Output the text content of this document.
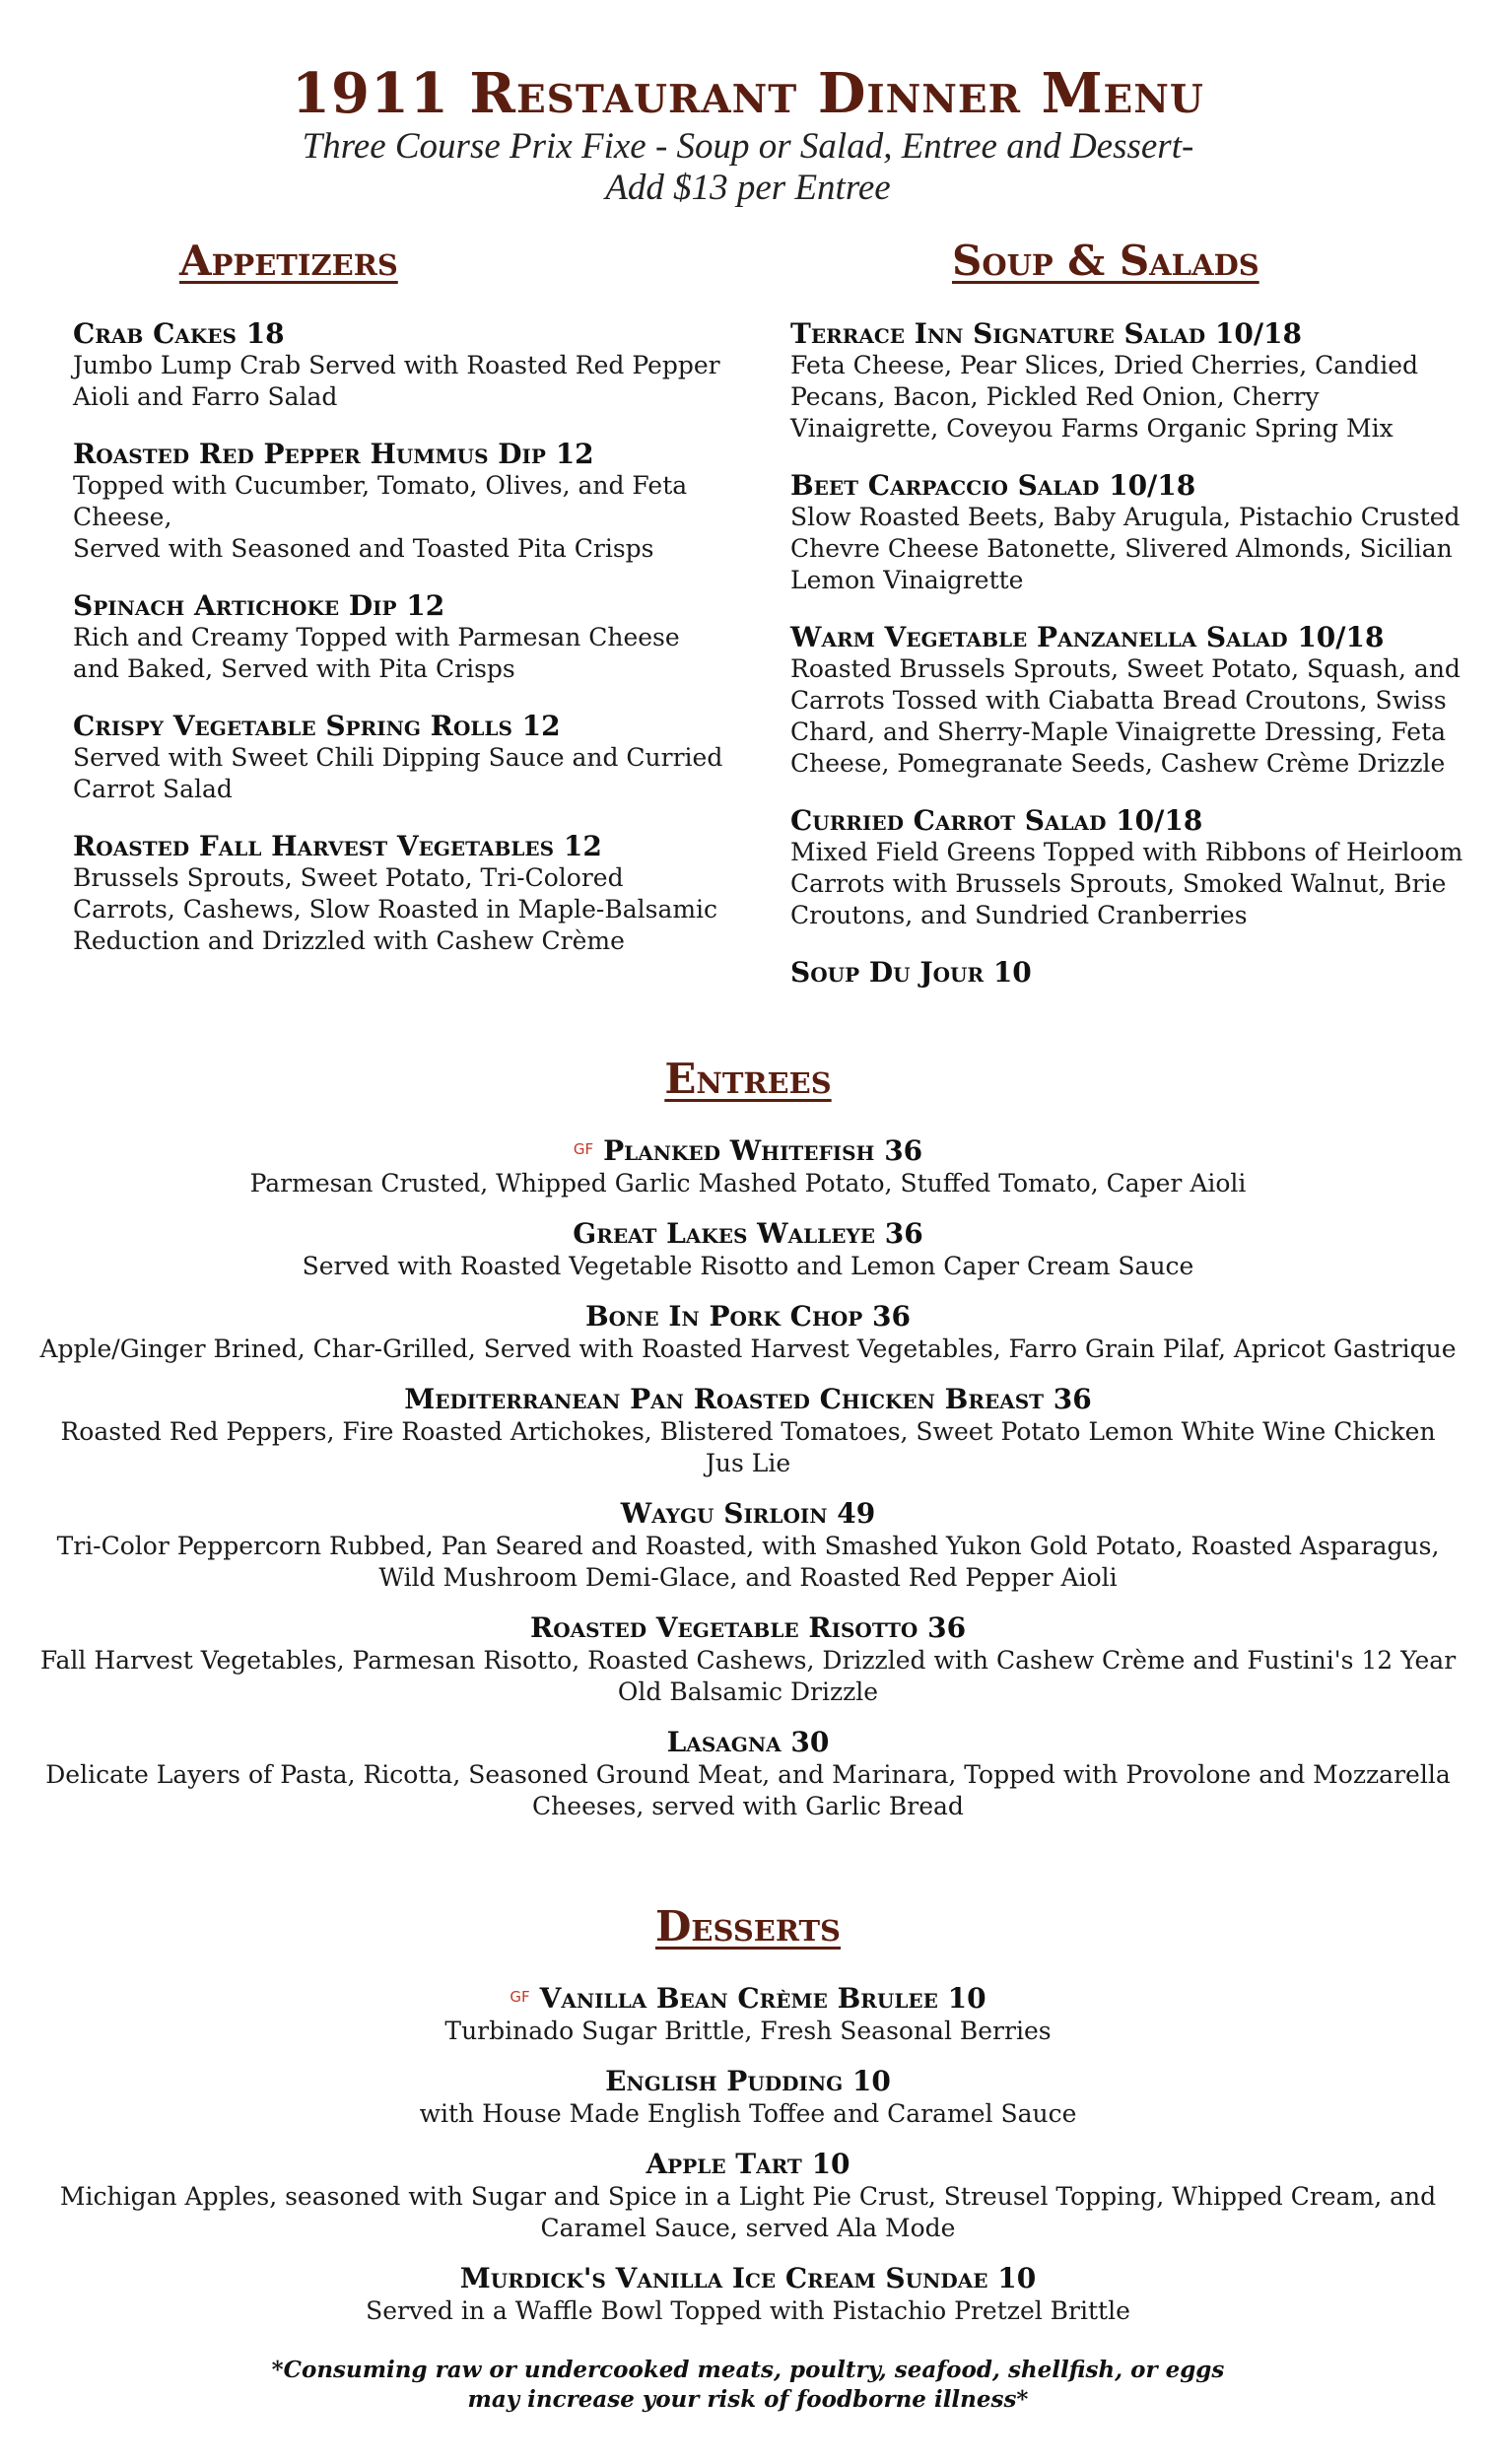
1911 Restaurant Dinner Menu

Three Course Prix Fixe - Soup or Salad, Entree and Dessert- Add $13 per Entree

Appetizers
Crab Cakes 18
Jumbo Lump Crab Served with Roasted Red Pepper Aioli and Farro Salad
Roasted Red Pepper Hummus Dip 12
Topped with Cucumber, Tomato, Olives, and Feta Cheese,
Served with Seasoned and Toasted Pita Crisps
Spinach Artichoke Dip 12
Rich and Creamy Topped with Parmesan Cheese and Baked, Served with Pita Crisps
Crispy Vegetable Spring Rolls 12
Served with Sweet Chili Dipping Sauce and Curried Carrot Salad
Roasted Fall Harvest Vegetables 12
Brussels Sprouts, Sweet Potato, Tri-Colored Carrots, Cashews, Slow Roasted in Maple-Balsamic Reduction and Drizzled with Cashew Crème
Soup & Salads
Terrace Inn Signature Salad 10/18
Feta Cheese, Pear Slices, Dried Cherries, Candied Pecans, Bacon, Pickled Red Onion, Cherry Vinaigrette, Coveyou Farms Organic Spring Mix
Beet Carpaccio Salad 10/18
Slow Roasted Beets, Baby Arugula, Pistachio Crusted Chevre Cheese Batonette, Slivered Almonds, Sicilian Lemon Vinaigrette
Warm Vegetable Panzanella Salad 10/18
Roasted Brussels Sprouts, Sweet Potato, Squash, and Carrots Tossed with Ciabatta Bread Croutons, Swiss Chard, and Sherry-Maple Vinaigrette Dressing, Feta Cheese, Pomegranate Seeds, Cashew Crème Drizzle
Curried Carrot Salad 10/18
Mixed Field Greens Topped with Ribbons of Heirloom Carrots with Brussels Sprouts, Smoked Walnut, Brie Croutons, and Sundried Cranberries
Soup Du Jour 10
Entrees
$^{GF}$ Planked Whitefish 36
Parmesan Crusted, Whipped Garlic Mashed Potato, Stuffed Tomato, Caper Aioli
Great Lakes Walleye 36
Served with Roasted Vegetable Risotto and Lemon Caper Cream Sauce
Bone In Pork Chop 36
Apple/Ginger Brined, Char-Grilled, Served with Roasted Harvest Vegetables, Farro Grain Pilaf, Apricot Gastrique
Mediterranean Pan Roasted Chicken Breast 36
Roasted Red Peppers, Fire Roasted Artichokes, Blistered Tomatoes, Sweet Potato Lemon White Wine Chicken Jus Lie
Waygu Sirloin 49
Tri-Color Peppercorn Rubbed, Pan Seared and Roasted, with Smashed Yukon Gold Potato, Roasted Asparagus, Wild Mushroom Demi-Glace, and Roasted Red Pepper Aioli
Roasted Vegetable Risotto 36
Fall Harvest Vegetables, Parmesan Risotto, Roasted Cashews, Drizzled with Cashew Crème and Fustini's 12 Year Old Balsamic Drizzle
Lasagna 30
Delicate Layers of Pasta, Ricotta, Seasoned Ground Meat, and Marinara, Topped with Provolone and Mozzarella Cheeses, served with Garlic Bread
Desserts
$^{GF}$ Vanilla Bean Crème Brulee 10
Turbinado Sugar Brittle, Fresh Seasonal Berries
English Pudding 10
with House Made English Toffee and Caramel Sauce
Apple Tart 10
Michigan Apples, seasoned with Sugar and Spice in a Light Pie Crust, Streusel Topping, Whipped Cream, and Caramel Sauce, served Ala Mode
Murdick's Vanilla Ice Cream Sundae 10
Served in a Waffle Bowl Topped with Pistachio Pretzel Brittle

*Consuming raw or undercooked meats, poultry, seafood, shellfish, or eggs
may increase your risk of foodborne illness*
